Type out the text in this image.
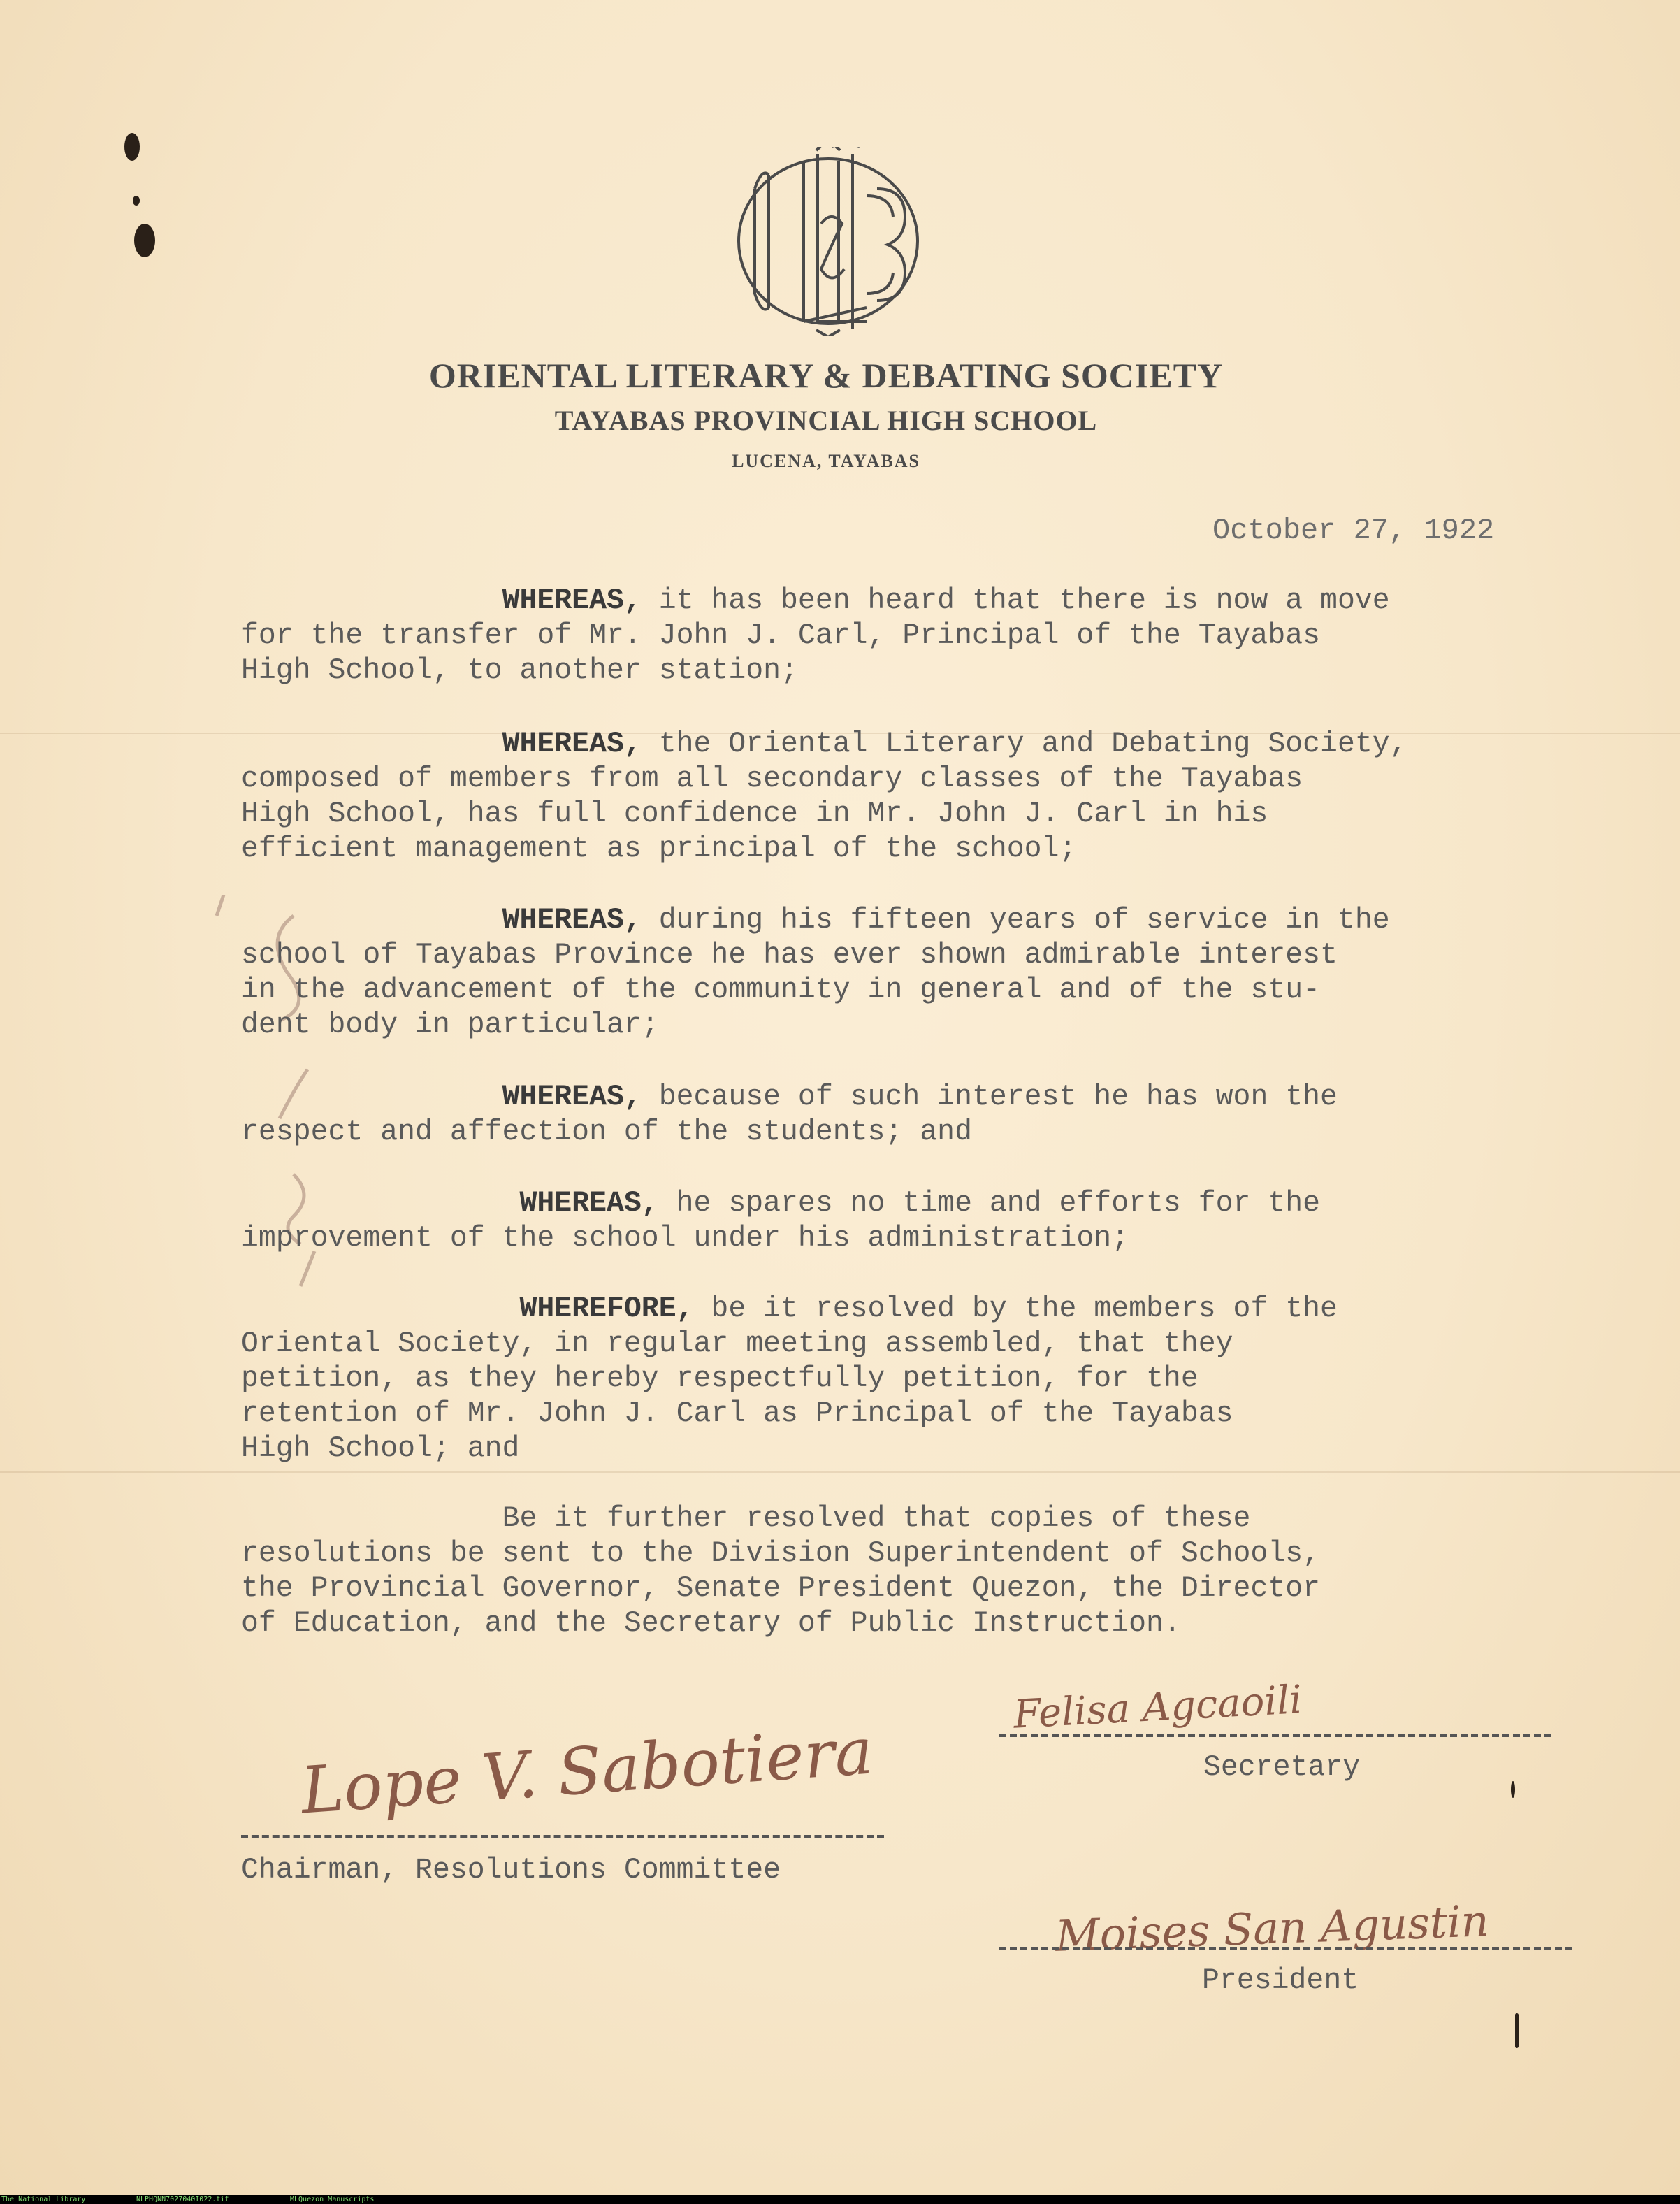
ORIENTAL LITERARY & DEBATING SOCIETY
TAYABAS PROVINCIAL HIGH SCHOOL
LUCENA, TAYABAS
October 27, 1922
WHEREAS, it has been heard that there is now a move
for the transfer of Mr. John J. Carl, Principal of the Tayabas
High School, to another station;
WHEREAS, the Oriental Literary and Debating Society,
composed of members from all secondary classes of the Tayabas
High School, has full confidence in Mr. John J. Carl in his
efficient management as principal of the school;
WHEREAS, during his fifteen years of service in the
school of Tayabas Province he has ever shown admirable interest
in the advancement of the community in general and of the stu-
dent body in particular;
WHEREAS, because of such interest he has won the
respect and affection of the students; and
WHEREAS, he spares no time and efforts for the
improvement of the school under his administration;
WHEREFORE, be it resolved by the members of the
Oriental Society, in regular meeting assembled, that they
petition, as they hereby respectfully petition, for the
retention of Mr. John J. Carl as Principal of the Tayabas
High School; and
Be it further resolved that copies of these
resolutions be sent to the Division Superintendent of Schools,
the Provincial Governor, Senate President Quezon, the Director
of Education, and the Secretary of Public Instruction.
Felisa Agcaoili
Secretary
Lope V. Sabotiera
Chairman, Resolutions Committee
Moises San Agustin
President
The National Library	NLPHQNN7027040I022.tif	MLQuezon Manuscripts
